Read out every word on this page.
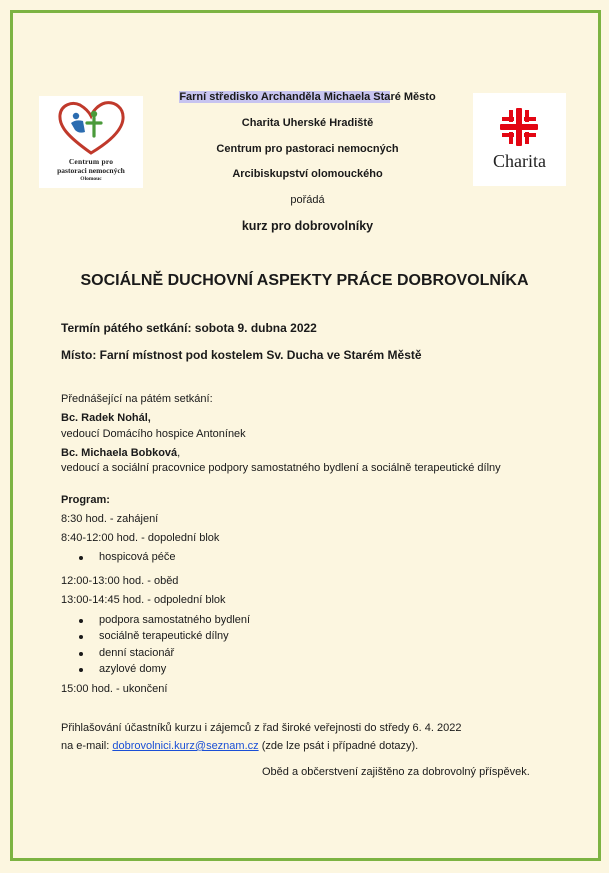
Centrum pro
pastoraci nemocných
Olomouc
Charita
Farní středisko Archanděla Michaela Staré Město
Charita Uherské Hradiště
Centrum pro pastoraci nemocných
Arcibiskupství olomouckého
pořádá
kurz pro dobrovolníky
SOCIÁLNĚ DUCHOVNÍ ASPEKTY PRÁCE DOBROVOLNÍKA
Termín pátého setkání: sobota 9. dubna 2022
Místo: Farní místnost pod kostelem Sv. Ducha ve Starém Městě
Přednášející na pátém setkání:
Bc. Radek Nohál,
vedoucí Domácího hospice Antonínek
Bc. Michaela Bobková,
vedoucí a sociální pracovnice podpory samostatného bydlení a sociálně terapeutické dílny
Program:
8:30 hod. - zahájení
8:40-12:00 hod. - dopolední blok
hospicová péče
12:00-13:00 hod. - oběd
13:00-14:45 hod. - odpolední blok
podpora samostatného bydlení
sociálně terapeutické dílny
denní stacionář
azylové domy
15:00 hod. - ukončení
Přihlašování účastníků kurzu i zájemců z řad široké veřejnosti do středy 6. 4. 2022
na e-mail: dobrovolnici.kurz@seznam.cz (zde lze psát i případné dotazy).
Oběd a občerstvení zajištěno za dobrovolný příspěvek.
